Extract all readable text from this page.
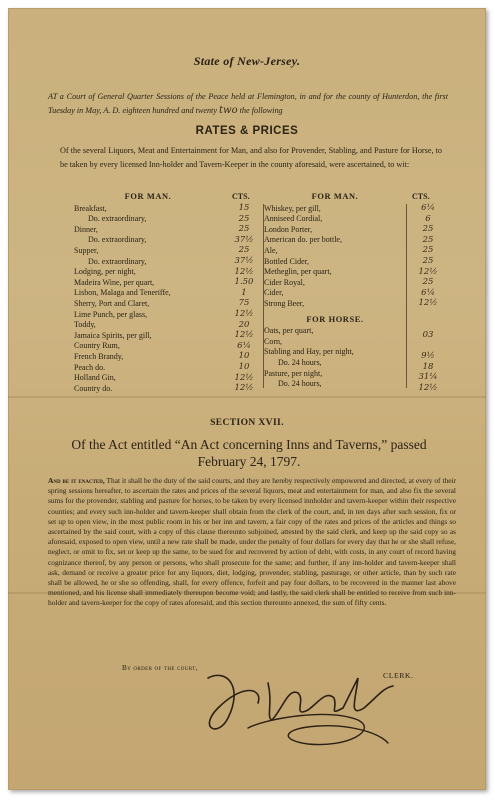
State of New-Jersey.
AT a Court of General Quarter Sessions of the Peace held at Flemington, in and for the county of Hunterdon, the first Tuesday in May, A. D. eighteen hundred and twenty two the following
RATES & PRICES
Of the several Liquors, Meat and Entertainment for Man, and also for Provender, Stabling, and Pasture for Horse, to be taken by every licensed Inn-holder and Tavern-Keeper in the county aforesaid, were ascertained, to wit:
FOR MAN.
Breakfast,
Do. extraordinary,
Dinner,
Do. extraordinary,
Supper,
Do. extraordinary,
Lodging, per night,
Madeira Wine, per quart,
Lisbon, Malaga and Teneriffe,
Sherry, Port and Claret,
Lime Punch, per glass,
Toddy,
Jamaica Spirits, per gill,
Country Rum,
French Brandy,
Peach do.
Holland Gin,
Country do.
CTS.
15
25
25
37½
25
37½
12½
1.50
1
75
12½
20
12½
6¼
10
10
12½
12½
FOR MAN.
Whiskey, per gill,
Anniseed Cordial,
London Porter,
American do. per bottle,
Ale,
Bottled Cider,
Metheglin, per quart,
Cider Royal,
Cider,
Strong Beer,
FOR HORSE.
Oats, per quart,
Corn,
Stabling and Hay, per night,
Do. 24 hours,
Pasture, per night,
Do. 24 hours,
CTS.
6¼
6
25
25
25
25
12½
25
6¼
12½
03
9½
18
31¼
12½
SECTION XVII.
Of the Act entitled “An Act concerning Inns and Taverns,” passed February 24, 1797.
And be it enacted, That it shall be the duty of the said courts, and they are hereby respectively empowered and directed, at every of their spring sessions hereafter, to ascertain the rates and prices of the several liquors, meat and entertainment for man, and also fix the several sums for the provender, stabling and pasture for horses, to be taken by every licensed innholder and tavern-keeper within their respective counties; and every such inn-holder and tavern-keeper shall obtain from the clerk of the court, and, in ten days after such session, fix or set up to open view, in the most public room in his or her inn and tavern, a fair copy of the rates and prices of the articles and things so ascertained by the said court, with a copy of this clause thereunto subjoined, attested by the said clerk, and keep up the said copy so as aforesaid, exposed to open view, until a new rate shall be made, under the penalty of four dollars for every day that he or she shall refuse, neglect, or omit to fix, set or keep up the same, to be sued for and recovered by action of debt, with costs, in any court of record having cognizance thereof, by any person or persons, who shall prosecute for the same; and further, if any inn-holder and tavern-keeper shall ask, demand or receive a greater price for any liquors, diet, lodging, provender, stabling, pasturage, or other article, than by such rate shall be allowed, he or she so offending, shall, for every offence, forfeit and pay four dollars, to be recovered in the manner last above mentioned, and his license shall immediately thereupon become void; and lastly, the said clerk shall be entitled to receive from such inn-holder and tavern-keeper for the copy of rates aforesaid, and this section thereunto annexed, the sum of fifty cents.
By order of the court,
CLERK.
